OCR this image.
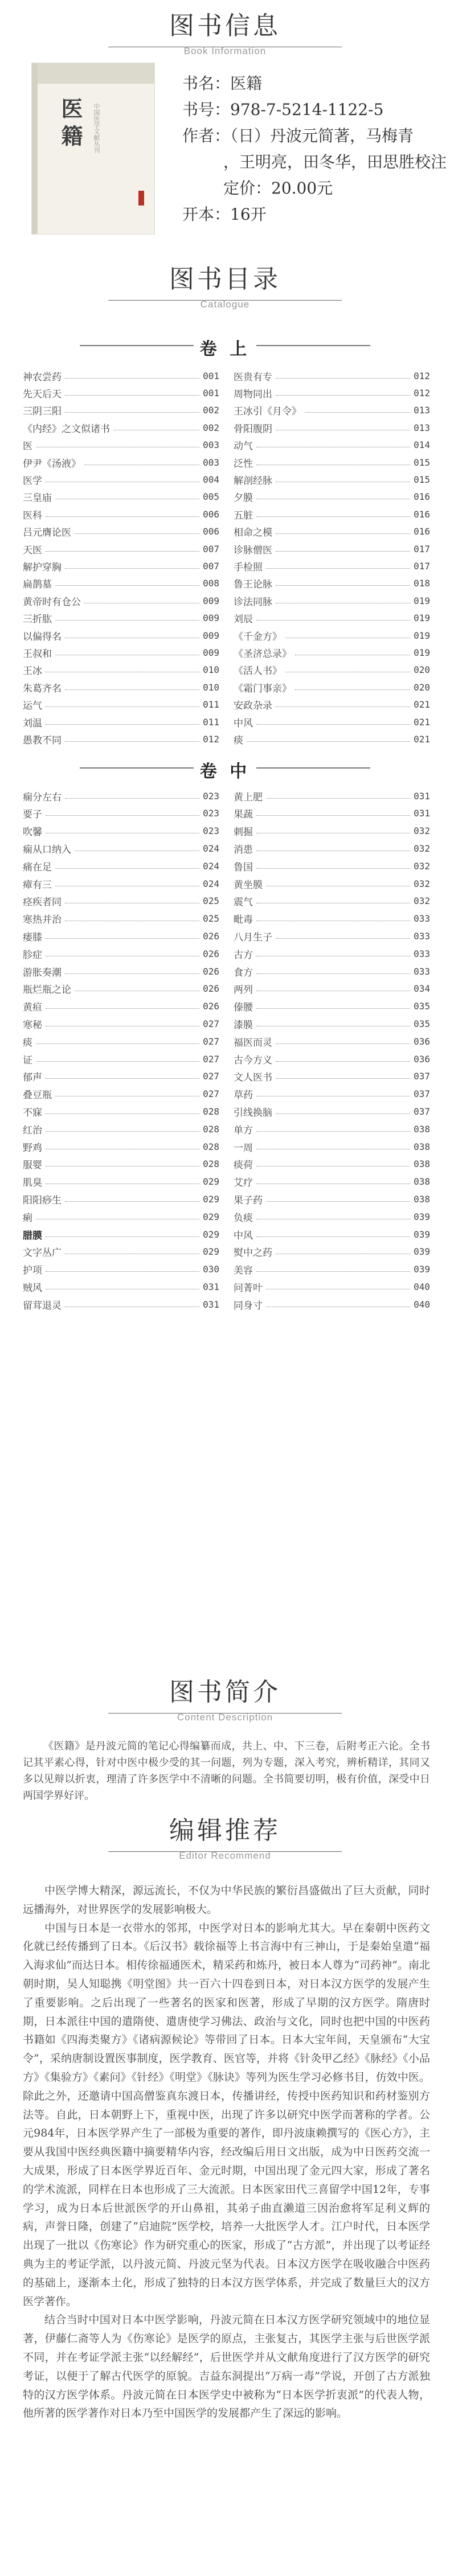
图书信息
Book Information
医籍	中国医学文献丛刊
书名：医籍
书号：978-7-5214-1122-5
作者：（日）丹波元简著，马梅青
，王明亮，田冬华，田思胜校注
定价：20.00元
开本：16开
图书目录
Catalogue
卷 上
神农尝药	001
先天后天	001
三阴三阳	002
《内经》之文似诸书	002
医	003
伊尹《汤液》	003
医学	004
三皇庙	005
医科	006
吕元膺论医	006
天医	007
解护穿胸	007
扁鹊墓	008
黄帝时有仓公	009
三折肱	009
以偏得名	009
王叔和	009
王冰	010
朱葛齐名	010
运气	011
刘温	011
愚教不同	012
医贵有专	012
周物同出	012
王冰引《月令》	013
骨阳腹阴	013
动气	014
泛性	015
解剖经脉	015
夕膜	016
五脏	016
相命之模	016
诊脉僧医	017
手检照	017
鲁王论脉	018
诊法同脉	019
刘辰	019
《千金方》	019
《圣济总录》	019
《活人书》	020
《霜门事亲》	020
安政杂录	021
中风	021
痰	021
卷 中
痫分左右	023
要子	023
吹馨	023
痫从口纳入	024
痛在足	024
瘴有三	024
痉疾者同	025
寒热并治	025
痿膝	026
胗症	026
游胀奏潮	026
瓶烂瓶之论	026
黄疸	026
寒秘	027
痰	027
证	027
郁声	027
叠豆瓶	027
不寐	028
红治	028
野鸡	028
服婴	028
肌臭	029
阳阳痧生	029
痢	029
腊膜	029
文字丛广	029
护项	030
贼风	031
留茸退灵	031
黄上肥	031
果蔬	031
刺掘	032
消患	032
鲁国	032
黄坐膜	032
震气	032
毗毒	033
八月生子	033
古方	033
食方	033
两列	034
傣腰	035
漆膜	035
福医而灵	036
古今方义	036
文人医书	037
草药	037
引线换脑	037
单方	038
一周	038
痰荷	038
艾疗	038
果子药	038
负痰	039
中风	039
熨中之药	039
美容	039
问菁叶	040
同身寸	040
图书简介
Content Description
《医籍》是丹波元简的笔记心得编纂而成，共上、中、下三卷，后附考正六论。全书记其平素心得，针对中医中极少受的其一问题，列为专题，深入考究，辨析精详，其同又多以见辩以折衷，理清了许多医学中不清晰的问题。全书简要切明，极有价值，深受中日两国学界好评。
编辑推荐
Editor Recommend

中医学博大精深，源远流长，不仅为中华民族的繁衍昌盛做出了巨大贡献，同时远播海外，对世界医学的发展影响极大。

中国与日本是一衣带水的邻邦，中医学对日本的影响尤其大。早在秦朝中医药文化就已经传播到了日本。《后汉书》载徐福等上书言海中有三神山，于是秦始皇遣“福入海求仙”而达日本。相传徐福通医术，精采药和炼丹，被日本人尊为“司药神”。南北朝时期，吴人知聪携《明堂图》共一百六十四卷到日本，对日本汉方医学的发展产生了重要影响。之后出现了一些著名的医家和医著，形成了早期的汉方医学。隋唐时期，日本派往中国的遣隋使、遣唐使学习佛法、政治与文化，同时也把中国的中医药书籍如《四海类聚方》《诸病源候论》等带回了日本。日本大宝年间，天皇颁布“大宝令”，采纳唐制设置医事制度，医学教育、医官等，并将《针灸甲乙经》《脉经》《小品方》《集验方》《素问》《针经》《明堂》《脉诀》等列为医生学习必修书目，仿效中医。除此之外，还邀请中国高僧鉴真东渡日本，传播讲经，传授中医药知识和药材鉴别方法等。自此，日本朝野上下，重视中医，出现了许多以研究中医学而著称的学者。公元984年，日本医学界产生了一部极为重要的著作，即丹波康赖撰写的《医心方》，主要从我国中医经典医籍中摘要精华内容，经改编后用日文出版，成为中日医药交流一大成果，形成了日本医学界近百年、金元时期，中国出现了金元四大家，形成了著名的学术流派，同样在日本也形成了三大流派。日本医家田代三喜留学中国12年，专事学习，成为日本后世派医学的开山鼻祖，其弟子曲直濑道三因治愈将军足利义辉的病，声誉日隆，创建了“启迪院”医学校，培养一大批医学人才。江户时代，日本医学出现了一批以《伤寒论》作为研究重心的医家，形成了“古方派”，并出现了以考证经典为主的考证学派，以丹波元简、丹波元坚为代表。日本汉方医学在吸收融合中医药的基础上，逐渐本土化，形成了独特的日本汉方医学体系，并完成了数量巨大的汉方医学著作。

结合当时中国对日本中医学影响，丹波元简在日本汉方医学研究领域中的地位显著，伊藤仁斋等人为《伤寒论》是医学的原点，主张复古，其医学主张与后世医学派不同，并在考证学派主张“以经解经”，后世医学并从文献角度进行了汉方医学的研究考证，以便于了解古代医学的原貌。吉益东洞提出“万病一毒”学说，开创了古方派独特的汉方医学体系。丹波元简在日本医学史中被称为“日本医学折衷派”的代表人物，他所著的医学著作对日本乃至中国医学的发展都产生了深远的影响。
